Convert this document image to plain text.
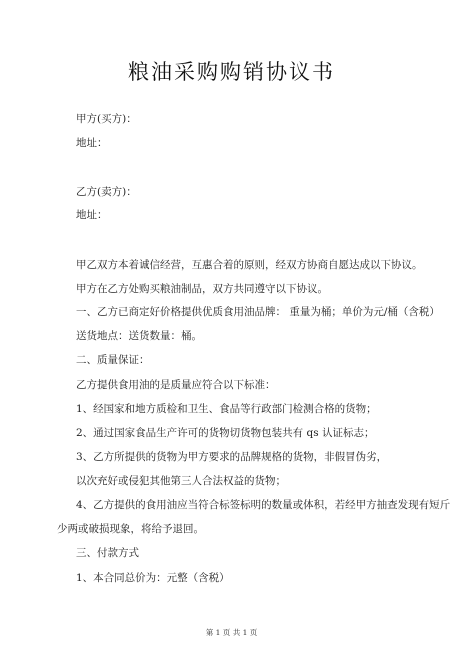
粮油采购购销协议书
甲方(买方)：
地址：
乙方(卖方)：
地址：
甲乙双方本着诚信经营，互惠合着的原则，经双方协商自愿达成以下协议。
甲方在乙方处购买粮油制品，双方共同遵守以下协议。
一、乙方已商定好价格提供优质食用油品牌： 重量为桶；单价为元/桶（含税）
送货地点：送货数量：桶。
二、质量保证：
乙方提供食用油的是质量应符合以下标准：
1、经国家和地方质检和卫生、食品等行政部门检测合格的货物；
2、通过国家食品生产许可的货物切货物包装共有 qs 认证标志；
3、乙方所提供的货物为甲方要求的品牌规格的货物，非假冒伪劣，
以次充好或侵犯其他第三人合法权益的货物；
4、乙方提供的食用油应当符合标签标明的数量或体积，若经甲方抽查发现有短斤
少两或破损现象，将给予退回。
三、付款方式
1、本合同总价为：元整（含税）
第 1 页 共 1 页
